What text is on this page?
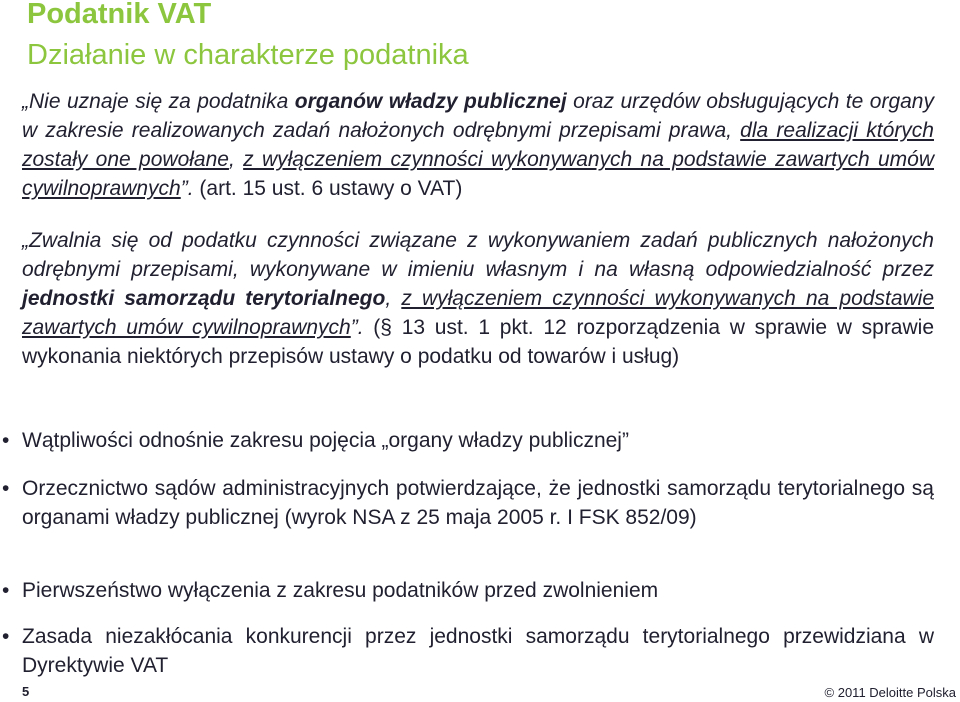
Podatnik VAT
Działanie w charakterze podatnika
„Nie uznaje się za podatnika organów władzy publicznej oraz urzędów obsługujących te organy w zakresie realizowanych zadań nałożonych odrębnymi przepisami prawa, dla realizacji których zostały one powołane, z wyłączeniem czynności wykonywanych na podstawie zawartych umów cywilnoprawnych”. (art. 15 ust. 6 ustawy o VAT)
„Zwalnia się od podatku czynności związane z wykonywaniem zadań publicznych nałożonych odrębnymi przepisami, wykonywane w imieniu własnym i na własną odpowiedzialność przez jednostki samorządu terytorialnego, z wyłączeniem czynności wykonywanych na podstawie zawartych umów cywilnoprawnych”. (§ 13 ust. 1 pkt. 12 rozporządzenia w sprawie w sprawie wykonania niektórych przepisów ustawy o podatku od towarów i usług)
• Wątpliwości odnośnie zakresu pojęcia „organy władzy publicznej”
• Orzecznictwo sądów administracyjnych potwierdzające, że jednostki samorządu terytorialnego są organami władzy publicznej (wyrok NSA z 25 maja 2005 r. I FSK 852/09)
• Pierwszeństwo wyłączenia z zakresu podatników przed zwolnieniem
• Zasada niezakłócania konkurencji przez jednostki samorządu terytorialnego przewidziana w Dyrektywie VAT
5	© 2011 Deloitte Polska
